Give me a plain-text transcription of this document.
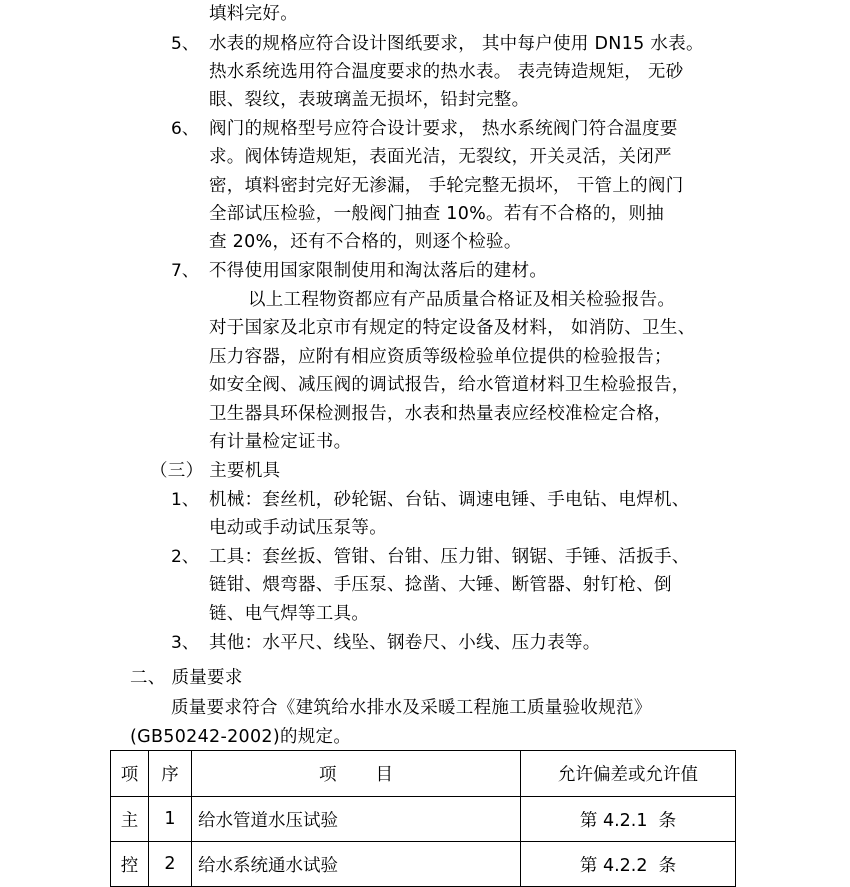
填料完好。
5、 水表的规格应符合设计图纸要求， 其中每户使用 DN15 水表。
热水系统选用符合温度要求的热水表。 表壳铸造规矩， 无砂
眼、裂纹，表玻璃盖无损坏，铅封完整。
6、 阀门的规格型号应符合设计要求， 热水系统阀门符合温度要
求。阀体铸造规矩，表面光洁，无裂纹，开关灵活，关闭严
密，填料密封完好无渗漏， 手轮完整无损坏， 干管上的阀门
全部试压检验，一般阀门抽查 10%。若有不合格的，则抽
查 20%，还有不合格的，则逐个检验。
7、 不得使用国家限制使用和淘汰落后的建材。
以上工程物资都应有产品质量合格证及相关检验报告。
对于国家及北京市有规定的特定设备及材料， 如消防、卫生、
压力容器，应附有相应资质等级检验单位提供的检验报告；
如安全阀、减压阀的调试报告，给水管道材料卫生检验报告，
卫生器具环保检测报告，水表和热量表应经校准检定合格，
有计量检定证书。
（三） 主要机具
1、 机械：套丝机，砂轮锯、台钻、调速电锤、手电钻、电焊机、
电动或手动试压泵等。
2、 工具：套丝扳、管钳、台钳、压力钳、钢锯、手锤、活扳手、
链钳、煨弯器、手压泵、捻凿、大锤、断管器、射钉枪、倒
链、电气焊等工具。
3、 其他：水平尺、线坠、钢卷尺、小线、压力表等。
二、 质量要求
质量要求符合《建筑给水排水及采暖工程施工质量验收规范》
(GB50242-2002)的规定。
项	序	项       目	允许偏差或允许值
主	1	给水管道水压试验	第 4.2.1  条
控	2	给水系统通水试验	第 4.2.2  条
